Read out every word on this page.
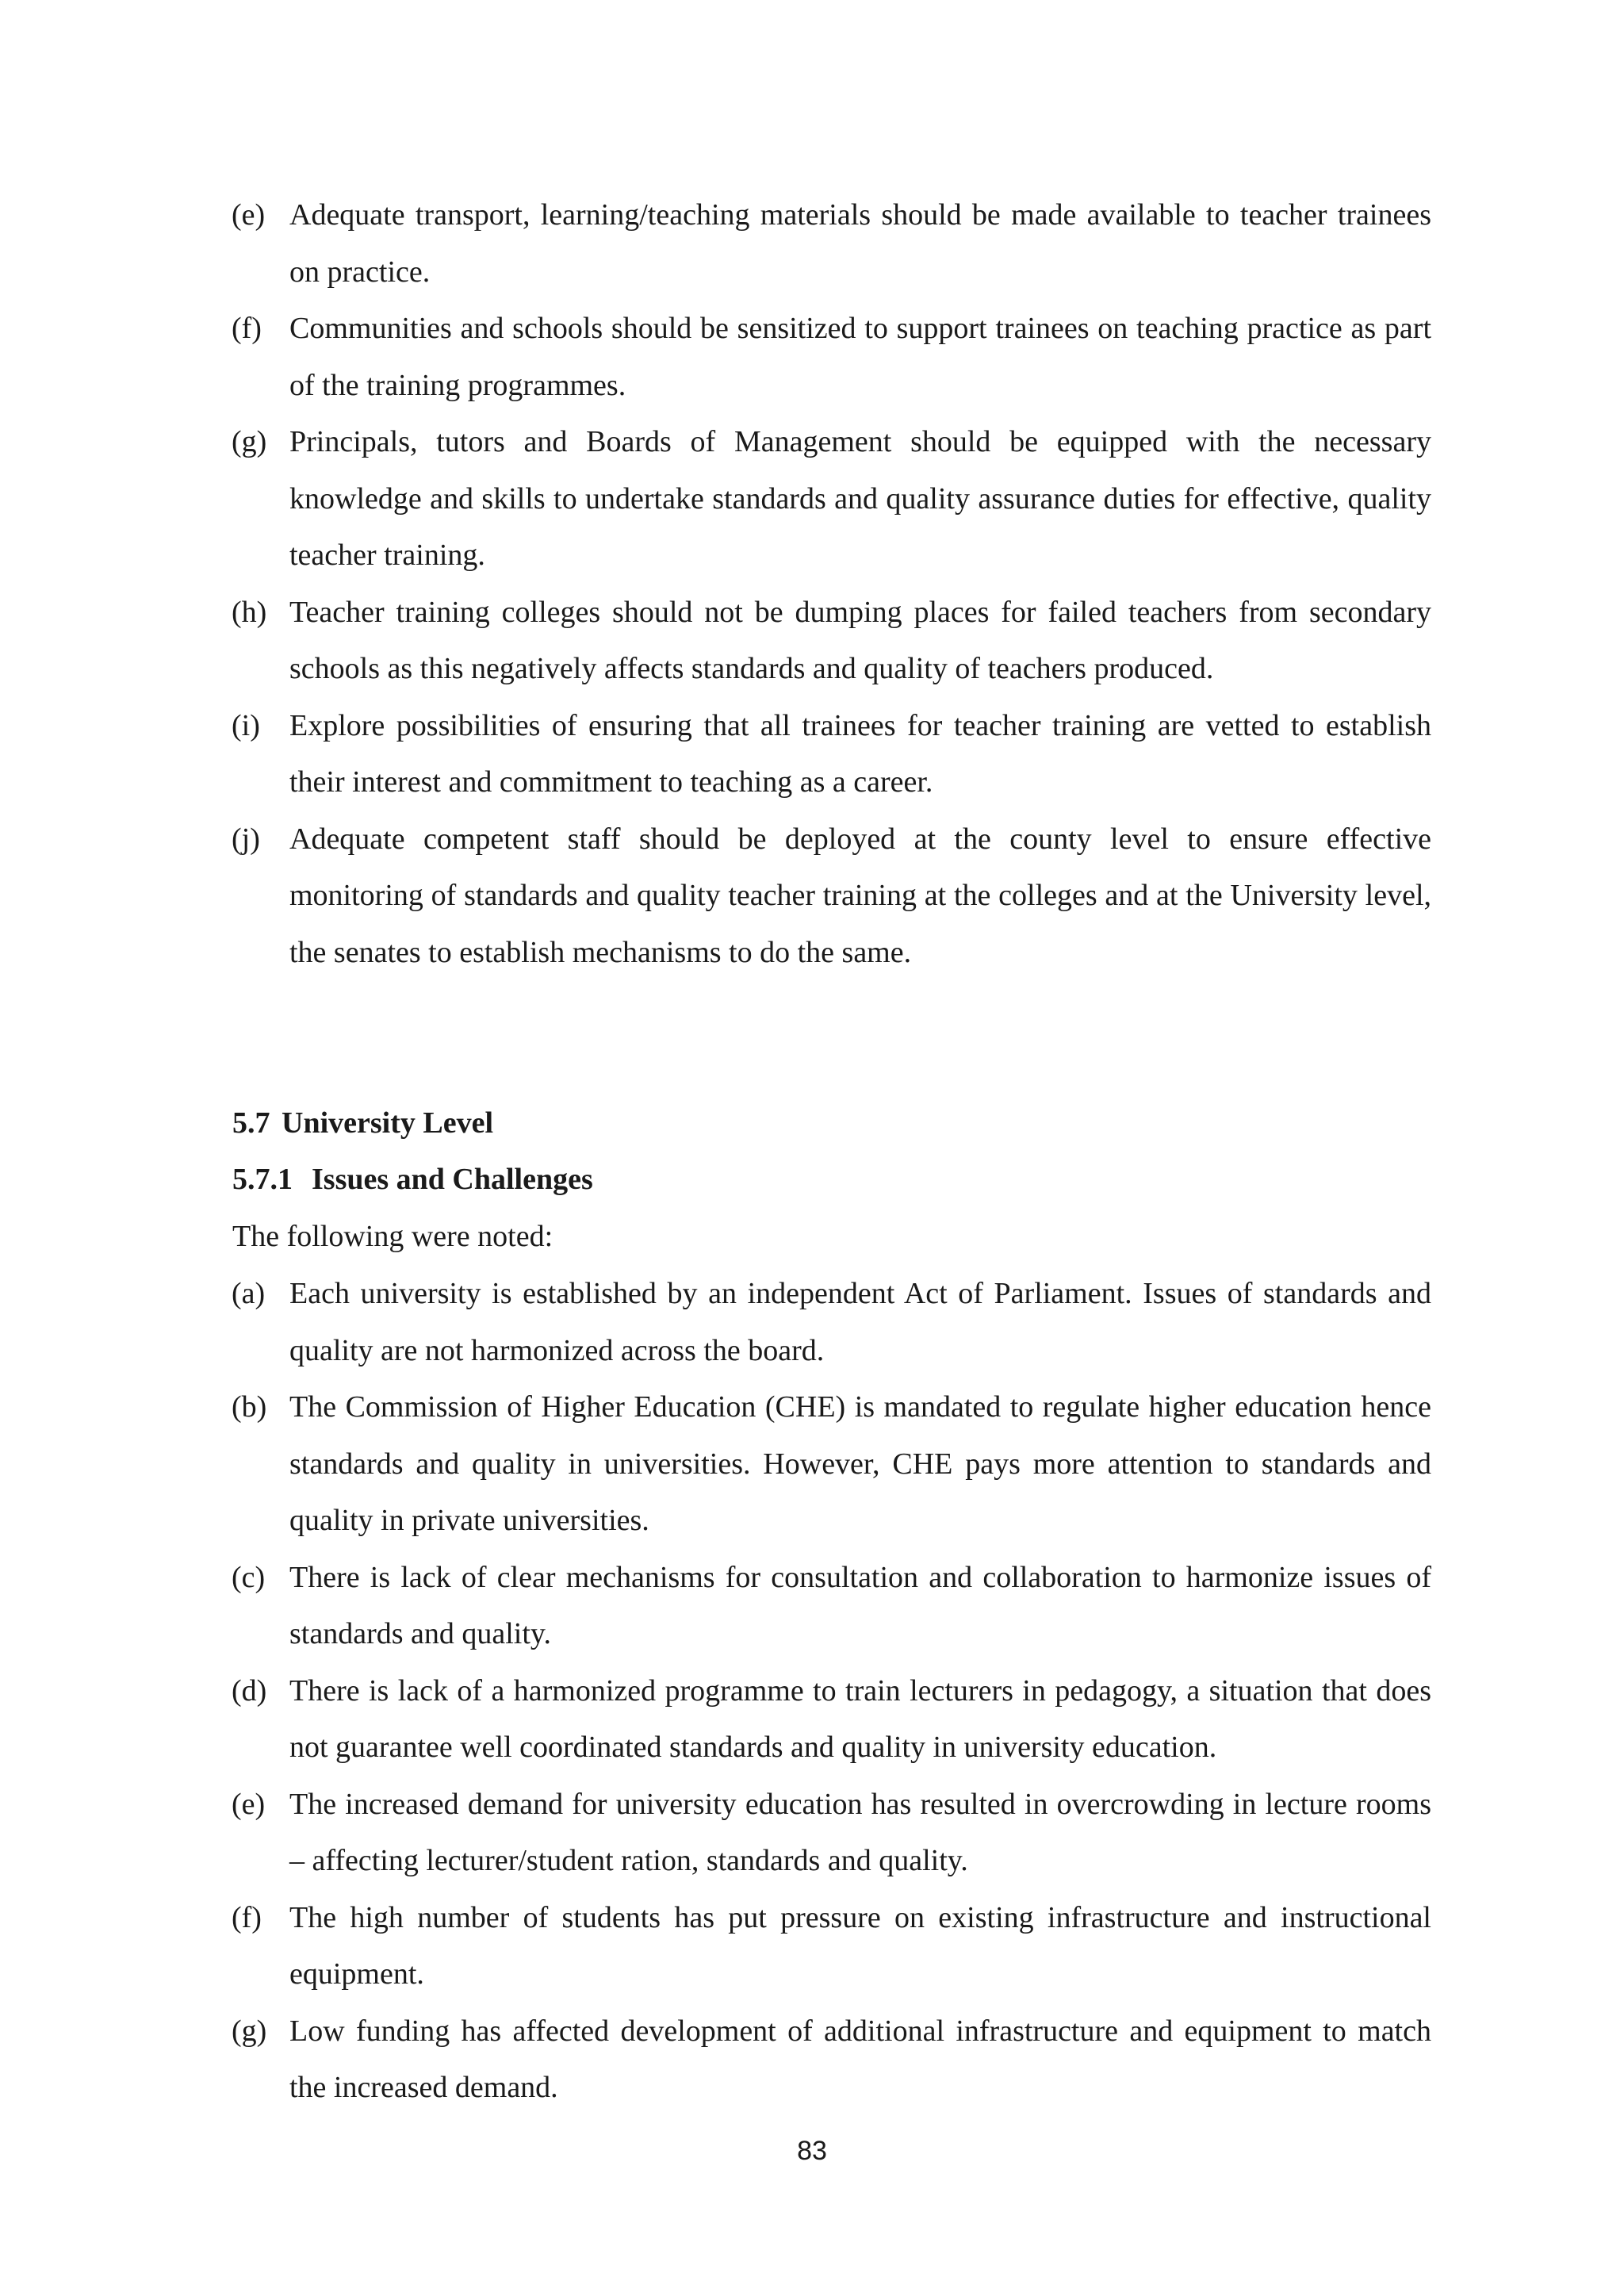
(e) Adequate transport, learning/teaching materials should be made available to teacher trainees on practice.
(f) Communities and schools should be sensitized to support trainees on teaching practice as part of the training programmes.
(g) Principals, tutors and Boards of Management should be equipped with the necessary knowledge and skills to undertake standards and quality assurance duties for effective, quality teacher training.
(h) Teacher training colleges should not be dumping places for failed teachers from secondary schools as this negatively affects standards and quality of teachers produced.
(i) Explore possibilities of ensuring that all trainees for teacher training are vetted to establish their interest and commitment to teaching as a career.
(j) Adequate competent staff should be deployed at the county level to ensure effective monitoring of standards and quality teacher training at the colleges and at the University level, the senates to establish mechanisms to do the same.
5.7 University Level
5.7.1 Issues and Challenges
The following were noted:
(a) Each university is established by an independent Act of Parliament. Issues of standards and quality are not harmonized across the board.
(b) The Commission of Higher Education (CHE) is mandated to regulate higher education hence standards and quality in universities. However, CHE pays more attention to standards and quality in private universities.
(c) There is lack of clear mechanisms for consultation and collaboration to harmonize issues of standards and quality.
(d) There is lack of a harmonized programme to train lecturers in pedagogy, a situation that does not guarantee well coordinated standards and quality in university education.
(e) The increased demand for university education has resulted in overcrowding in lecture rooms – affecting lecturer/student ration, standards and quality.
(f) The high number of students has put pressure on existing infrastructure and instructional equipment.
(g) Low funding has affected development of additional infrastructure and equipment to match the increased demand.
83
